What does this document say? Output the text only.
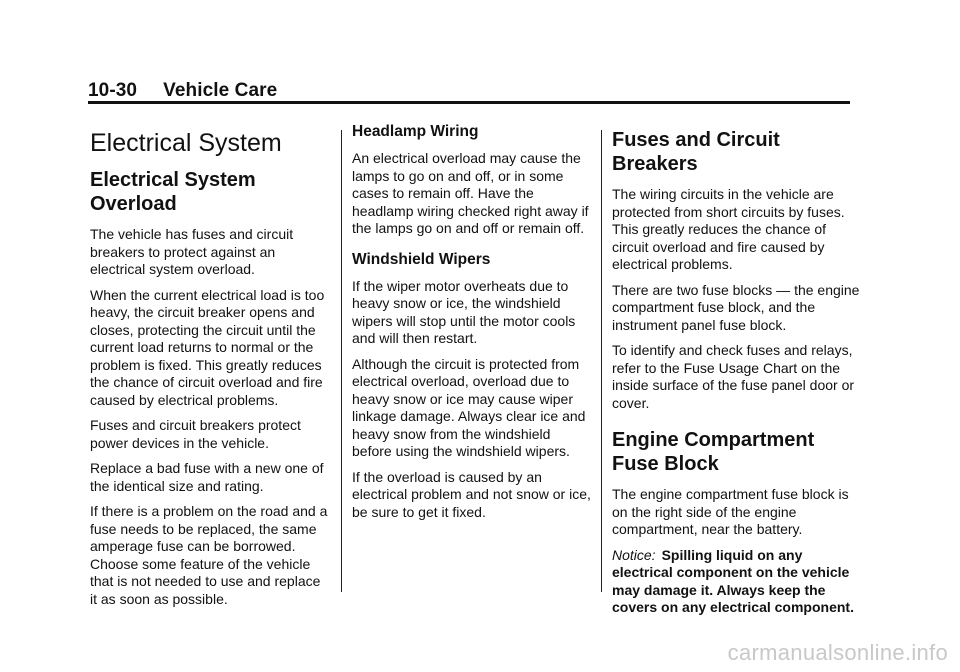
10-30 Vehicle Care
Electrical System
Electrical System Overload

The vehicle has fuses and circuit breakers to protect against an electrical system overload.

When the current electrical load is too heavy, the circuit breaker opens and closes, protecting the circuit until the current load returns to normal or the problem is fixed. This greatly reduces the chance of circuit overload and fire caused by electrical problems.

Fuses and circuit breakers protect power devices in the vehicle.

Replace a bad fuse with a new one of the identical size and rating.

If there is a problem on the road and a fuse needs to be replaced, the same amperage fuse can be borrowed. Choose some feature of the vehicle that is not needed to use and replace it as soon as possible.

Headlamp Wiring

An electrical overload may cause the lamps to go on and off, or in some cases to remain off. Have the headlamp wiring checked right away if the lamps go on and off or remain off.

Windshield Wipers

If the wiper motor overheats due to heavy snow or ice, the windshield wipers will stop until the motor cools and will then restart.

Although the circuit is protected from electrical overload, overload due to heavy snow or ice may cause wiper linkage damage. Always clear ice and heavy snow from the windshield before using the windshield wipers.

If the overload is caused by an electrical problem and not snow or ice, be sure to get it fixed.

Fuses and Circuit Breakers

The wiring circuits in the vehicle are protected from short circuits by fuses. This greatly reduces the chance of circuit overload and fire caused by electrical problems.

There are two fuse blocks — the engine compartment fuse block, and the instrument panel fuse block.

To identify and check fuses and relays, refer to the Fuse Usage Chart on the inside surface of the fuse panel door or cover.

Engine Compartment Fuse Block

The engine compartment fuse block is on the right side of the engine compartment, near the battery.

Notice: Spilling liquid on any electrical component on the vehicle may damage it. Always keep the covers on any electrical component.

carmanualsonline.info
